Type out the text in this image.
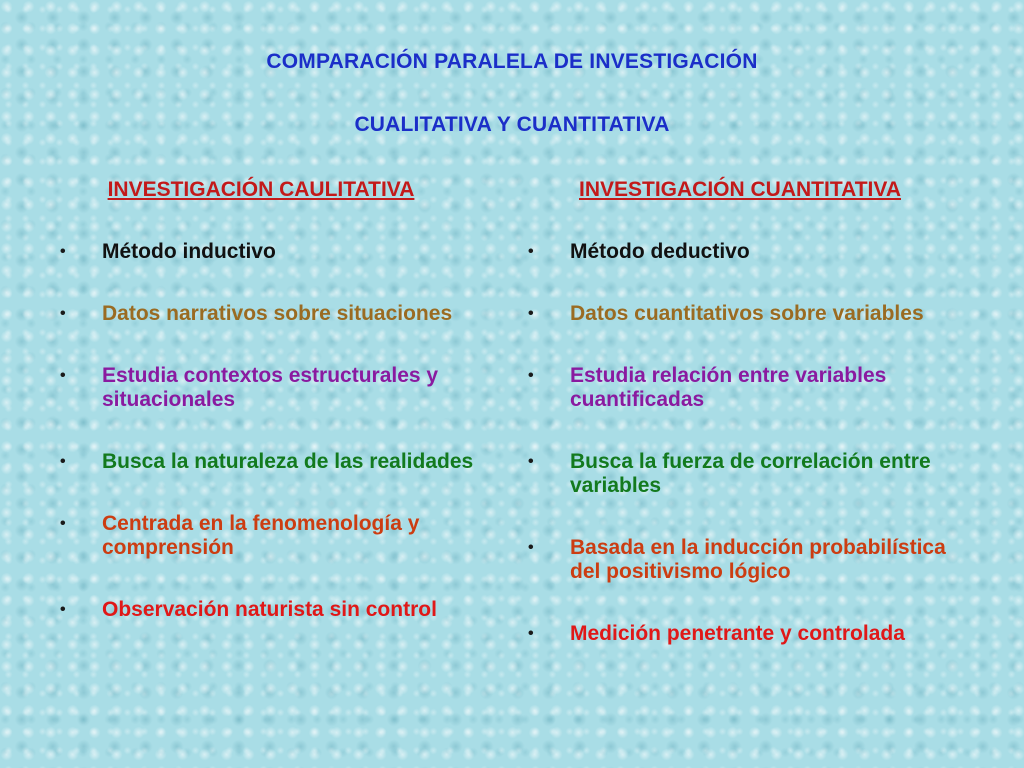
COMPARACIÓN PARALELA DE INVESTIGACIÓN
CUALITATIVA Y CUANTITATIVA
INVESTIGACIÓN CAULITATIVA
• Método inductivo
• Datos narrativos sobre situaciones
• Estudia contextos estructurales y situacionales
• Busca la naturaleza de las realidades
• Centrada en la fenomenología y comprensión
• Observación naturista sin control
INVESTIGACIÓN CUANTITATIVA
• Método deductivo
• Datos cuantitativos sobre variables
• Estudia relación entre variables cuantificadas
• Busca la fuerza de correlación entre variables
• Basada en la inducción probabilística del positivismo lógico
• Medición penetrante y controlada
